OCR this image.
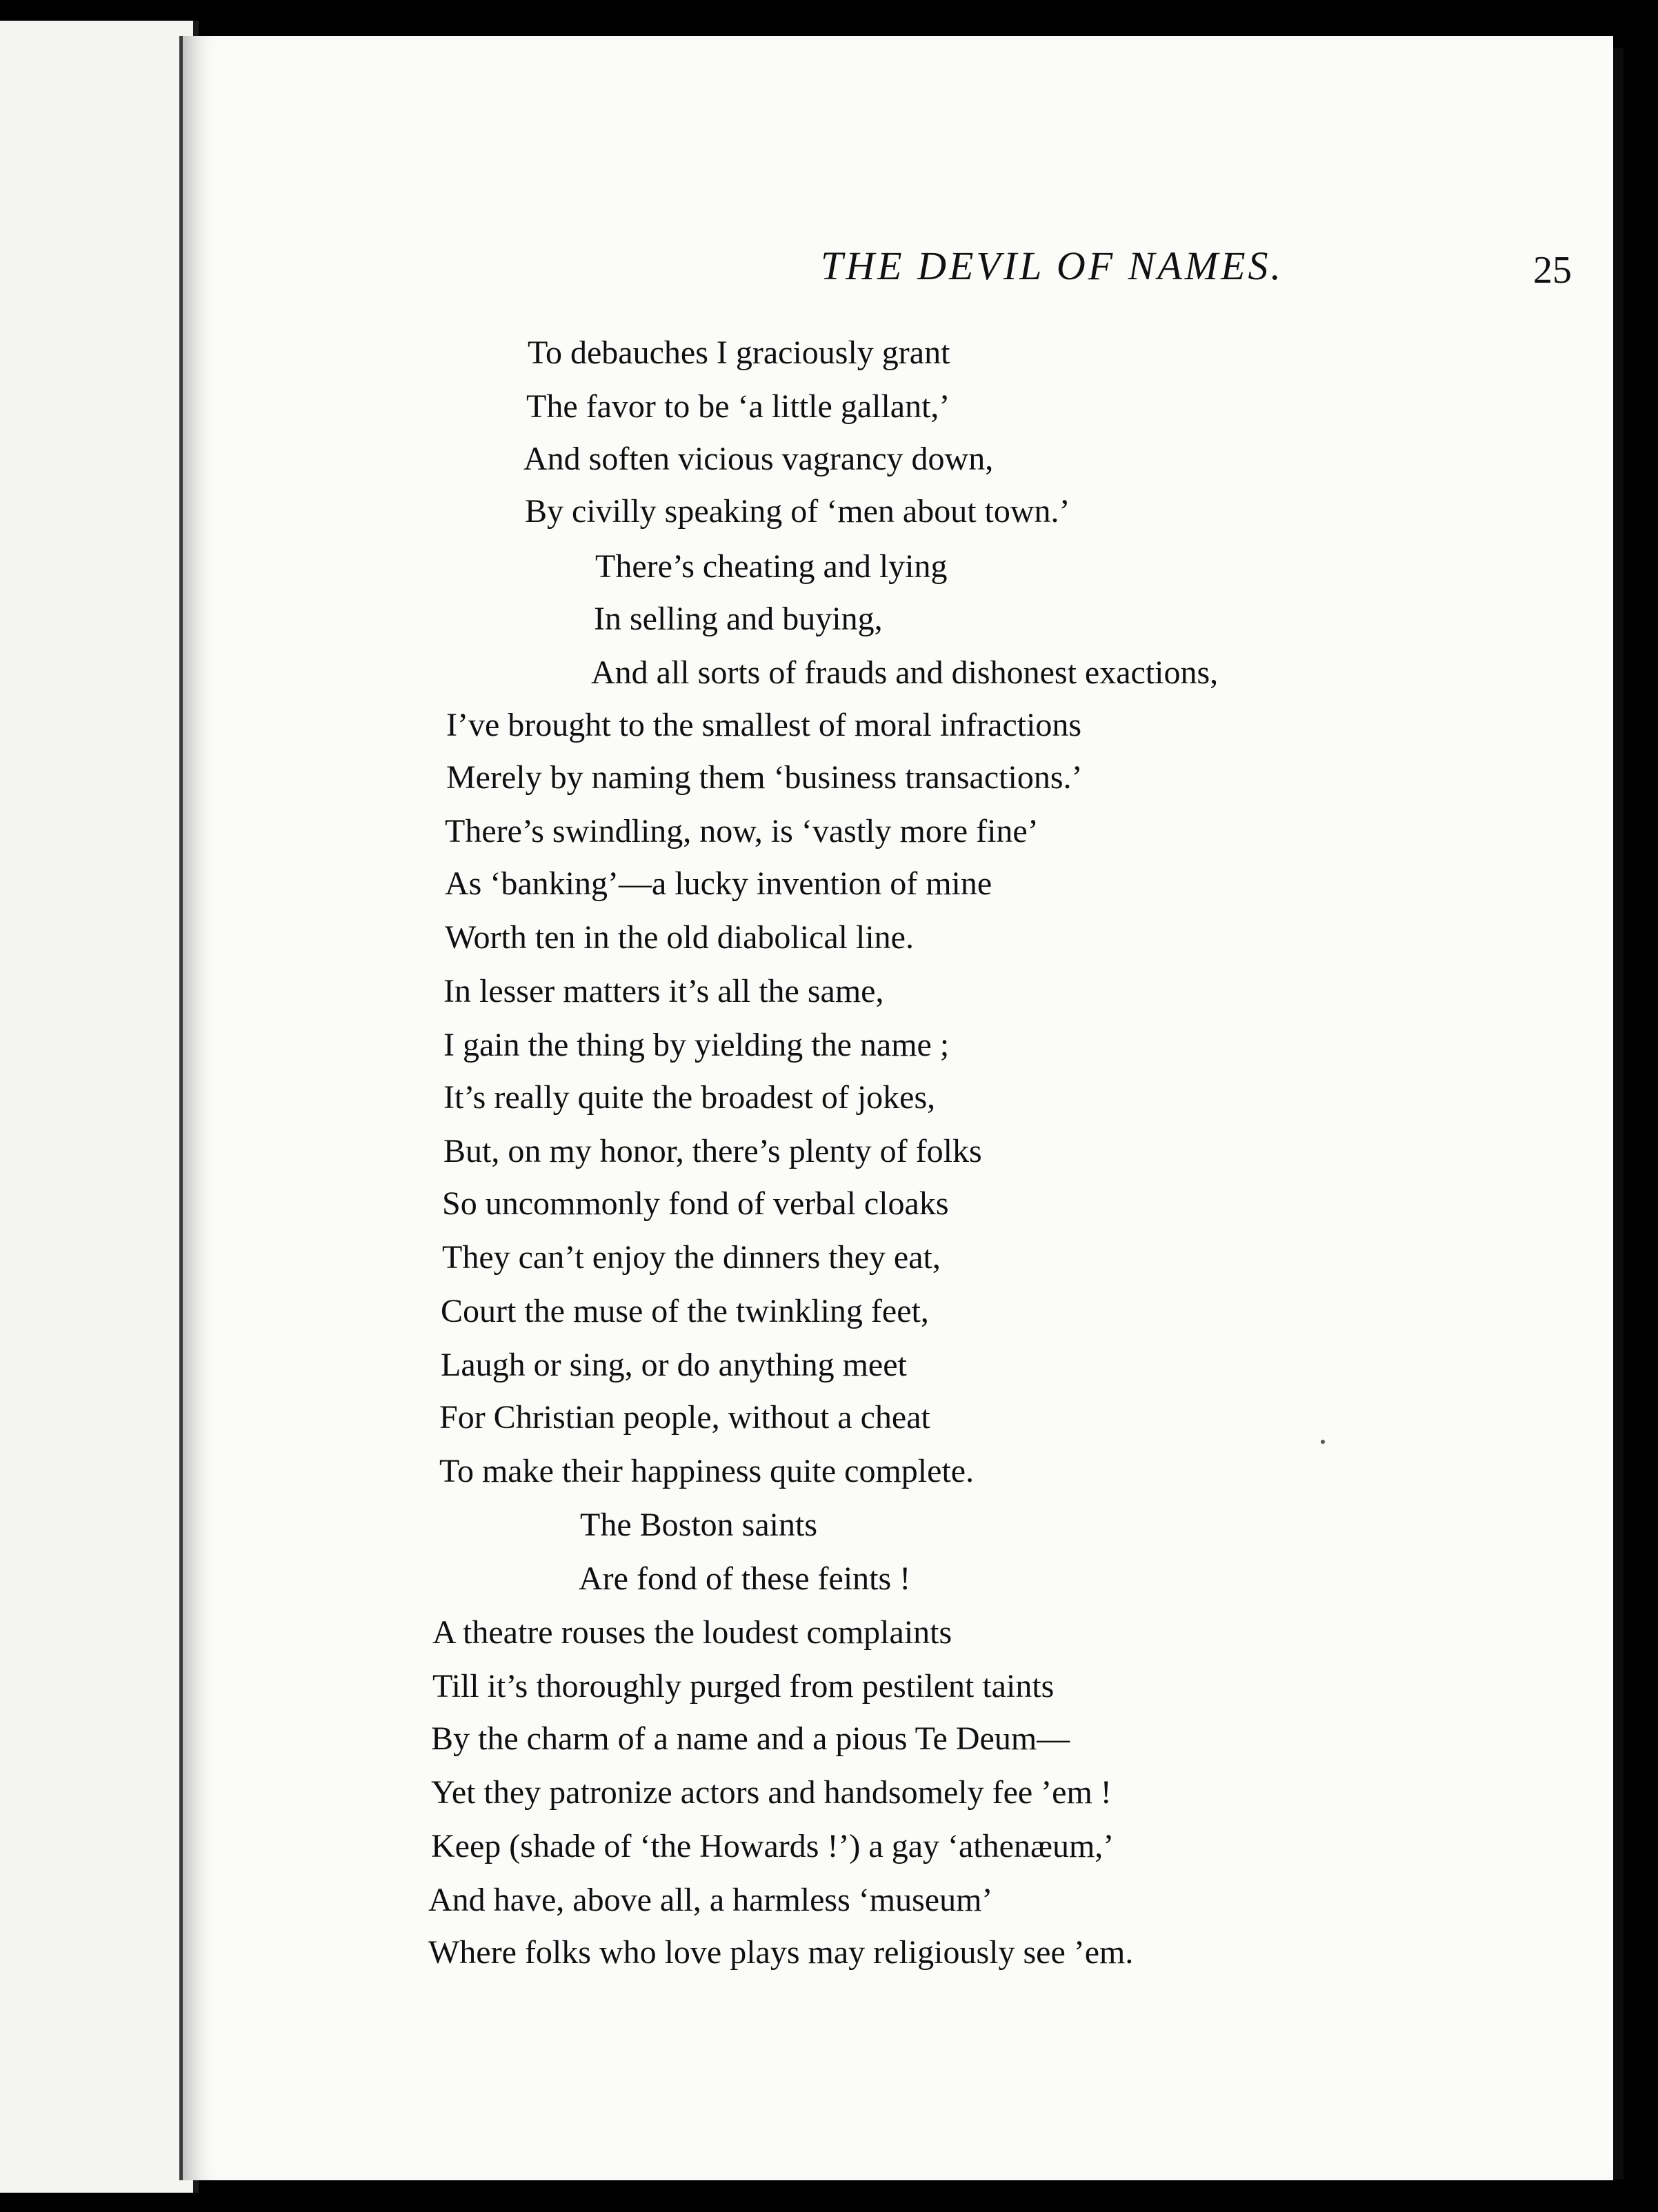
THE DEVIL OF NAMES.	25
To debauches I graciously grant
The favor to be ‘a little gallant,’
And soften vicious vagrancy down,
By civilly speaking of ‘men about town.’
There’s cheating and lying
In selling and buying,
And all sorts of frauds and dishonest exactions,
I’ve brought to the smallest of moral infractions
Merely by naming them ‘business transactions.’
There’s swindling, now, is ‘vastly more fine’
As ‘banking’—a lucky invention of mine
Worth ten in the old diabolical line.
In lesser matters it’s all the same,
I gain the thing by yielding the name ;
It’s really quite the broadest of jokes,
But, on my honor, there’s plenty of folks
So uncommonly fond of verbal cloaks
They can’t enjoy the dinners they eat,
Court the muse of the twinkling feet,
Laugh or sing, or do anything meet
For Christian people, without a cheat
To make their happiness quite complete.
The Boston saints
Are fond of these feints !
A theatre rouses the loudest complaints
Till it’s thoroughly purged from pestilent taints
By the charm of a name and a pious Te Deum—
Yet they patronize actors and handsomely fee ’em !
Keep (shade of ‘the Howards !’) a gay ‘athenæum,’
And have, above all, a harmless ‘museum’
Where folks who love plays may religiously see ’em.
